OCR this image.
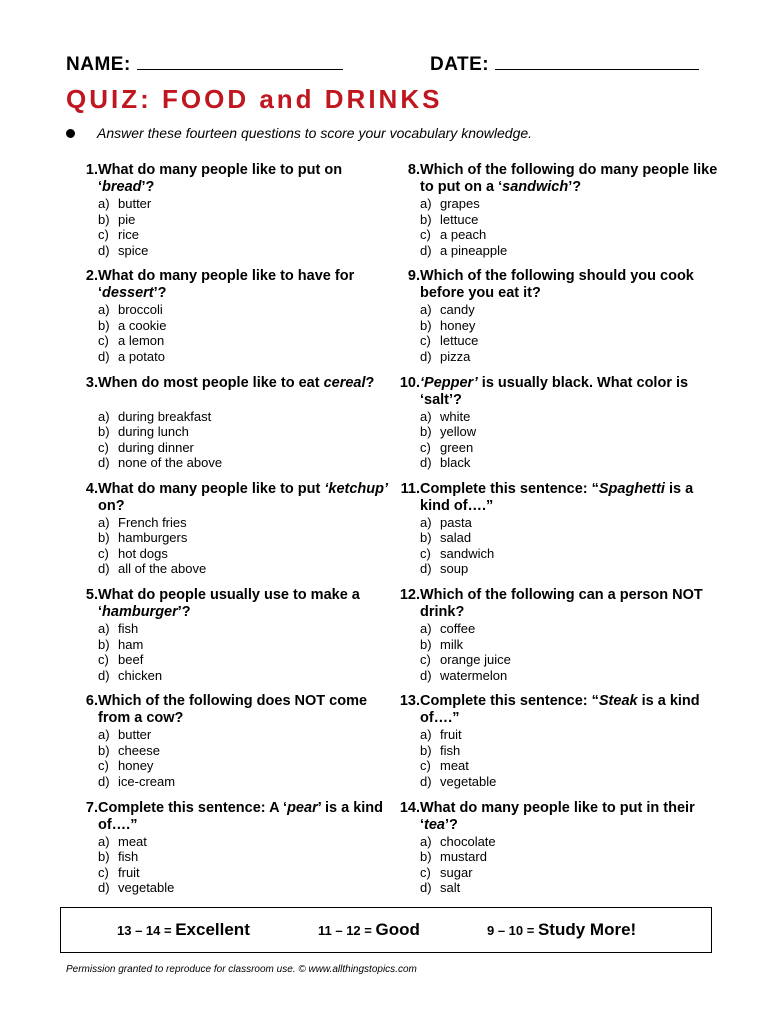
NAME:	DATE:
QUIZ: FOOD and DRINKS
Answer these fourteen questions to score your vocabulary knowledge.
1. What do many people like to put on ‘bread’?
a) butter
b) pie
c) rice
d) spice
2. What do many people like to have for ‘dessert’?
a) broccoli
b) a cookie
c) a lemon
d) a potato
3. When do most people like to eat cereal?
a) during breakfast
b) during lunch
c) during dinner
d) none of the above
4. What do many people like to put ‘ketchup’ on?
a) French fries
b) hamburgers
c) hot dogs
d) all of the above
5. What do people usually use to make a ‘hamburger’?
a) fish
b) ham
c) beef
d) chicken
6. Which of the following does NOT come from a cow?
a) butter
b) cheese
c) honey
d) ice-cream
7. Complete this sentence: A ‘pear’ is a kind of….”
a) meat
b) fish
c) fruit
d) vegetable
8. Which of the following do many people like to put on a ‘sandwich’?
a) grapes
b) lettuce
c) a peach
d) a pineapple
9. Which of the following should you cook before you eat it?
a) candy
b) honey
c) lettuce
d) pizza
10. ‘Pepper’ is usually black. What color is ‘salt’?
a) white
b) yellow
c) green
d) black
11. Complete this sentence: “Spaghetti is a kind of….”
a) pasta
b) salad
c) sandwich
d) soup
12. Which of the following can a person NOT drink?
a) coffee
b) milk
c) orange juice
d) watermelon
13. Complete this sentence: “Steak is a kind of….”
a) fruit
b) fish
c) meat
d) vegetable
14. What do many people like to put in their ‘tea’?
a) chocolate
b) mustard
c) sugar
d) salt
13 – 14 = Excellent	11 – 12 = Good	9 – 10 = Study More!
Permission granted to reproduce for classroom use. © www.allthingstopics.com
